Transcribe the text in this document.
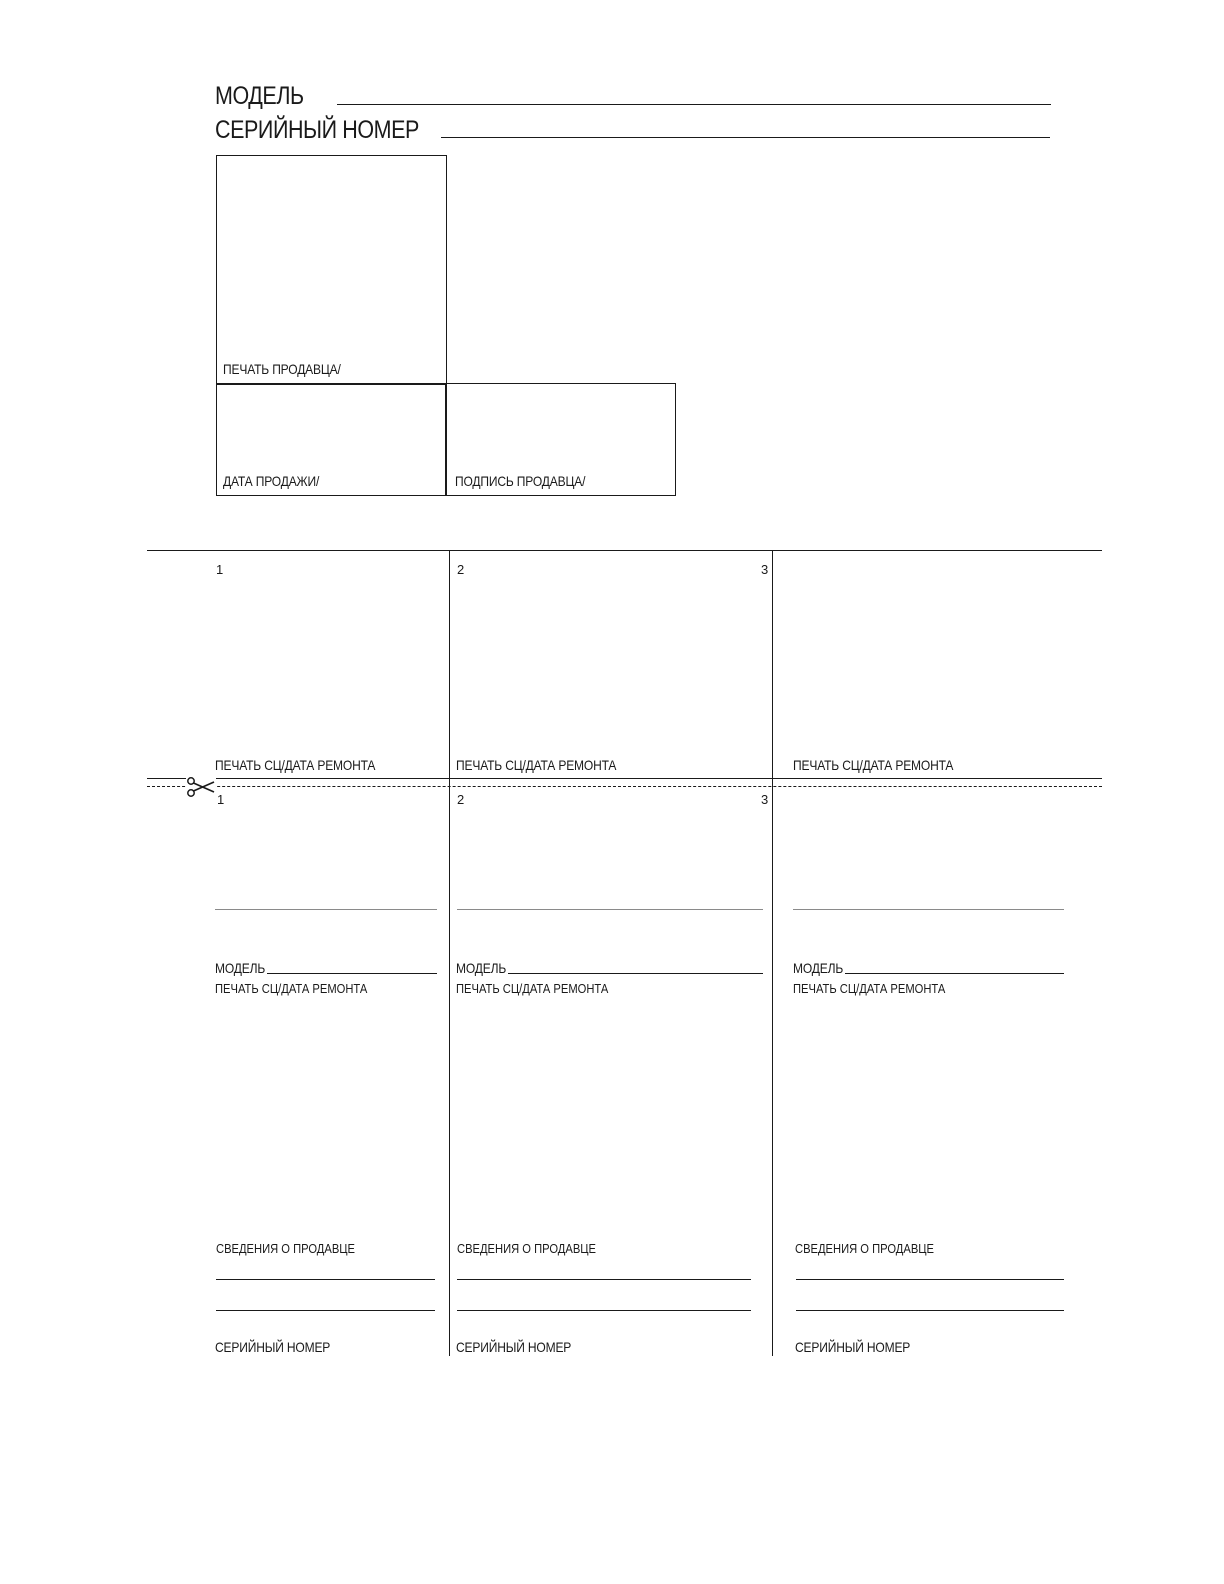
МОДЕЛЬ
СЕРИЙНЫЙ НОМЕР
ПЕЧАТЬ ПРОДАВЦА/
ДАТА ПРОДАЖИ/	ПОДПИСЬ ПРОДАВЦА/
1	2	3
ПЕЧАТЬ СЦ/ДАТА РЕМОНТА	ПЕЧАТЬ СЦ/ДАТА РЕМОНТА	ПЕЧАТЬ СЦ/ДАТА РЕМОНТА
1	2	3
МОДЕЛЬ
ПЕЧАТЬ СЦ/ДАТА РЕМОНТА
СВЕДЕНИЯ О ПРОДАВЦЕ
СЕРИЙНЫЙ НОМЕР
МОДЕЛЬ
ПЕЧАТЬ СЦ/ДАТА РЕМОНТА
СВЕДЕНИЯ О ПРОДАВЦЕ
СЕРИЙНЫЙ НОМЕР
МОДЕЛЬ
ПЕЧАТЬ СЦ/ДАТА РЕМОНТА
СВЕДЕНИЯ О ПРОДАВЦЕ
СЕРИЙНЫЙ НОМЕР
